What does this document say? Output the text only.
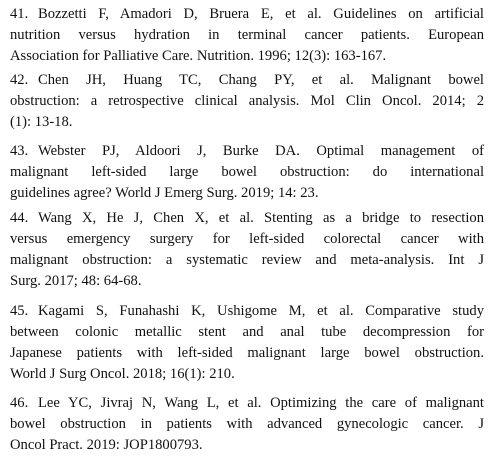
41. Bozzetti F, Amadori D, Bruera E, et al. Guidelines on artificial
nutrition versus hydration in terminal cancer patients. European
Association for Palliative Care. Nutrition. 1996; 12(3): 163-167.
42. Chen JH, Huang TC, Chang PY, et al. Malignant bowel
obstruction: a retrospective clinical analysis. Mol Clin Oncol. 2014; 2
(1): 13-18.
43. Webster PJ, Aldoori J, Burke DA. Optimal management of
malignant left-sided large bowel obstruction: do international
guidelines agree? World J Emerg Surg. 2019; 14: 23.
44. Wang X, He J, Chen X, et al. Stenting as a bridge to resection
versus emergency surgery for left-sided colorectal cancer with
malignant obstruction: a systematic review and meta-analysis. Int J
Surg. 2017; 48: 64-68.
45. Kagami S, Funahashi K, Ushigome M, et al. Comparative study
between colonic metallic stent and anal tube decompression for
Japanese patients with left-sided malignant large bowel obstruction.
World J Surg Oncol. 2018; 16(1): 210.
46. Lee YC, Jivraj N, Wang L, et al. Optimizing the care of malignant
bowel obstruction in patients with advanced gynecologic cancer. J
Oncol Pract. 2019: JOP1800793.
